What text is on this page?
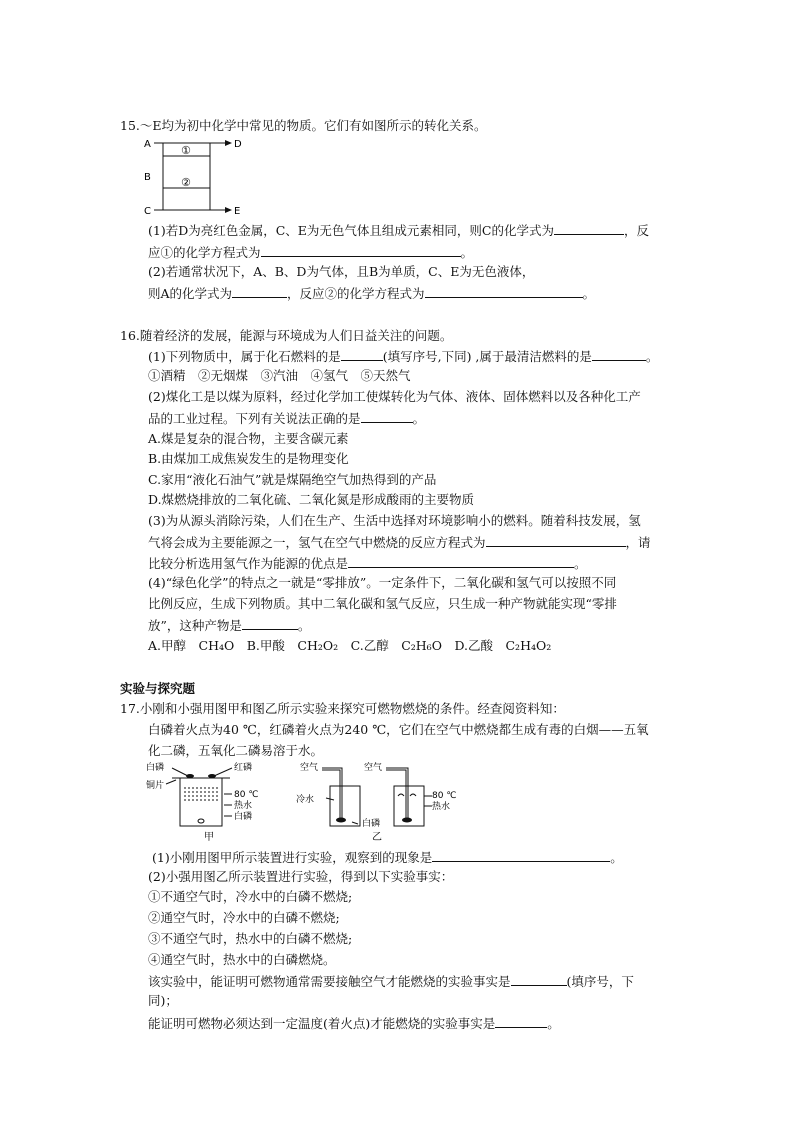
15.～E均为初中化学中常见的物质。它们有如图所示的转化关系。
A
B
C
D
E
①
②
(1)若D为亮红色金属，C、E为无色气体且组成元素相同，则C的化学式为	，反
应①的化学方程式为	。
(2)若通常状况下，A、B、D为气体，且B为单质，C、E为无色液体，
则A的化学式为	，反应②的化学方程式为	。
16.随着经济的发展，能源与环境成为人们日益关注的问题。
(1)下列物质中，属于化石燃料的是	(填写序号,下同) ,属于最清洁燃料的是	。
①酒精　②无烟煤　③汽油　④氢气　⑤天然气
(2)煤化工是以煤为原料，经过化学加工使煤转化为气体、液体、固体燃料以及各种化工产
品的工业过程。下列有关说法正确的是	。
A.煤是复杂的混合物，主要含碳元素
B.由煤加工成焦炭发生的是物理变化
C.家用“液化石油气”就是煤隔绝空气加热得到的产品
D.煤燃烧排放的二氧化硫、二氧化氮是形成酸雨的主要物质
(3)为从源头消除污染，人们在生产、生活中选择对环境影响小的燃料。随着科技发展，氢
气将会成为主要能源之一，氢气在空气中燃烧的反应方程式为	，请
比较分析选用氢气作为能源的优点是	。
(4)“绿色化学”的特点之一就是“零排放”。一定条件下，二氧化碳和氢气可以按照不同
比例反应，生成下列物质。其中二氧化碳和氢气反应，只生成一种产物就能实现“零排
放”，这种产物是	。
A.甲醇　CH₄O　B.甲酸　CH₂O₂　C.乙醇　C₂H₆O　D.乙酸　C₂H₄O₂
实验与探究题
17.小刚和小强用图甲和图乙所示实验来探究可燃物燃烧的条件。经查阅资料知：
白磷着火点为40 ℃，红磷着火点为240 ℃，它们在空气中燃烧都生成有毒的白烟——五氧
化二磷，五氧化二磷易溶于水。
白磷	红磷
铜片
80 ℃
热水
白磷
甲
空气	空气
冷水
白磷
80 ℃
热水
乙
(1)小刚用图甲所示装置进行实验，观察到的现象是	。
(2)小强用图乙所示装置进行实验，得到以下实验事实：
①不通空气时，冷水中的白磷不燃烧;
②通空气时，冷水中的白磷不燃烧;
③不通空气时，热水中的白磷不燃烧;
④通空气时，热水中的白磷燃烧。
该实验中，能证明可燃物通常需要接触空气才能燃烧的实验事实是	(填序号，下
同)；
能证明可燃物必须达到一定温度(着火点)才能燃烧的实验事实是	。
